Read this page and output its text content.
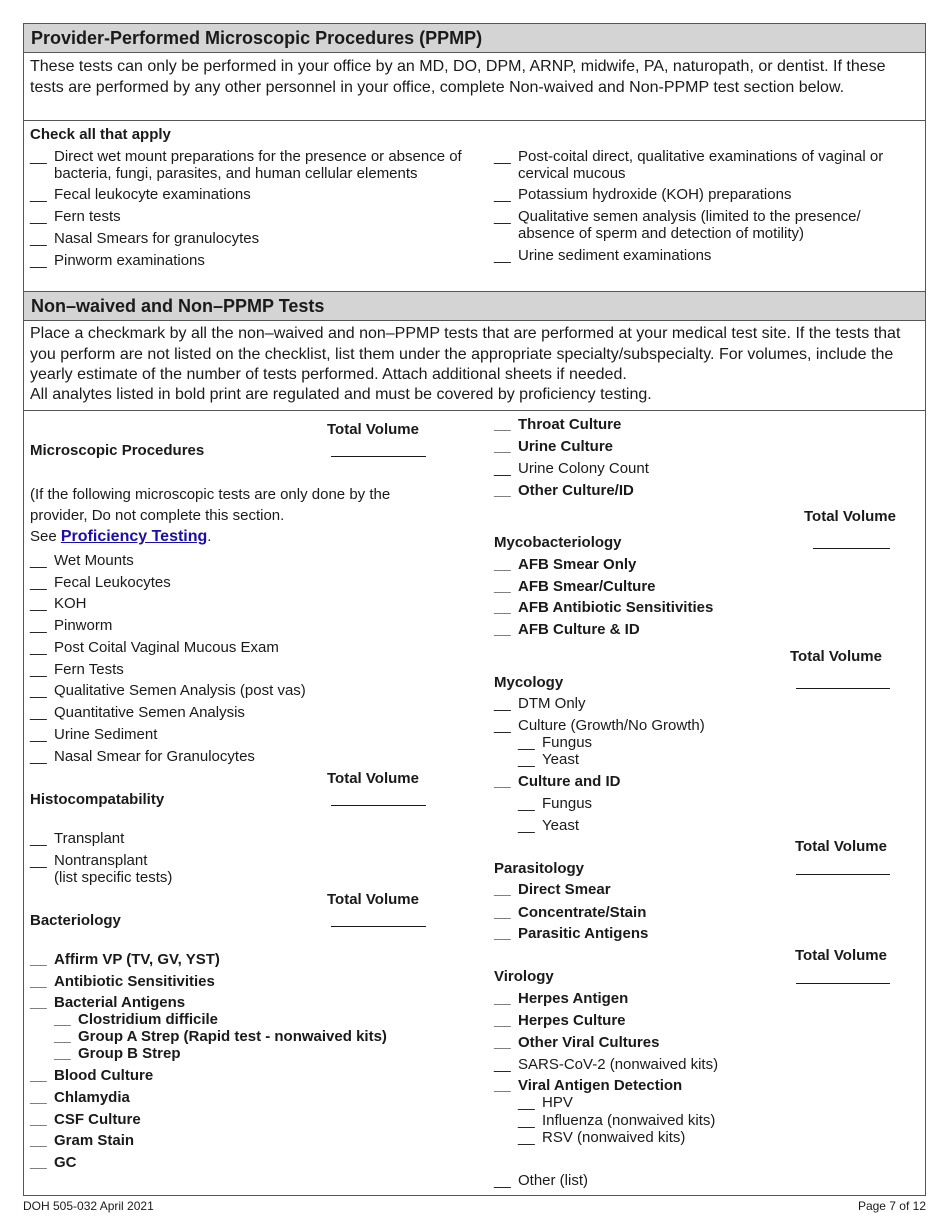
Provider-Performed Microscopic Procedures (PPMP)
These tests can only be performed in your office by an MD, DO, DPM, ARNP, midwife, PA, naturopath, or dentist. If these tests are performed by any other personnel in your office, complete Non-waived and Non-PPMP test section below.
Check all that apply
__
Direct wet mount preparations for the presence or absence of bacteria, fungi, parasites, and human cellular elements
__Fecal leukocyte examinations
__Fern tests
__Nasal Smears for granulocytes
__Pinworm examinations
__
Post-coital direct, qualitative examinations of vaginal or cervical mucous
__Potassium hydroxide (KOH) preparations
__
Qualitative semen analysis (limited to the presence/ absence of sperm and detection of motility)
__Urine sediment examinations
Non–waived and Non–PPMP Tests
Place a checkmark by all the non–waived and non–PPMP tests that are performed at your medical test site. If the tests that you perform are not listed on the checklist, list them under the appropriate specialty/subspecialty. For volumes, include the yearly estimate of the number of tests performed. Attach additional sheets if needed.
All analytes listed in bold print are regulated and must be covered by proficiency testing.
Total Volume
Microscopic Procedures
(If the following microscopic tests are only done by the
provider, Do not complete this section.
See Proficiency Testing.
__Wet Mounts
__Fecal Leukocytes
__KOH
__Pinworm
__Post Coital Vaginal Mucous Exam
__Fern Tests
__Qualitative Semen Analysis (post vas)
__Quantitative Semen Analysis
__Urine Sediment
__Nasal Smear for Granulocytes
Total Volume
Histocompatability
__Transplant
__Nontransplant
(list specific tests)
Total Volume
Bacteriology
__Affirm VP (TV, GV, YST)
__Antibiotic Sensitivities
__Bacterial Antigens
__Clostridium difficile
__Group A Strep (Rapid test - nonwaived kits)
__Group B Strep
__Blood Culture
__Chlamydia
__CSF Culture
__Gram Stain
__GC
__Throat Culture
__Urine Culture
__Urine Colony Count
__Other Culture/ID
Total Volume
Mycobacteriology
__AFB Smear Only
__AFB Smear/Culture
__AFB Antibiotic Sensitivities
__AFB Culture & ID
Total Volume
Mycology
__DTM Only
__Culture (Growth/No Growth)
__Fungus
__Yeast
__Culture and ID
__Fungus
__Yeast
Total Volume
Parasitology
__Direct Smear
__Concentrate/Stain
__Parasitic Antigens
Total Volume
Virology
__Herpes Antigen
__Herpes Culture
__Other Viral Cultures
__SARS-CoV-2 (nonwaived kits)
__Viral Antigen Detection
__HPV
__Influenza (nonwaived kits)
__RSV (nonwaived kits)
__Other (list)
DOH 505-032 April 2021	Page 7 of 12
